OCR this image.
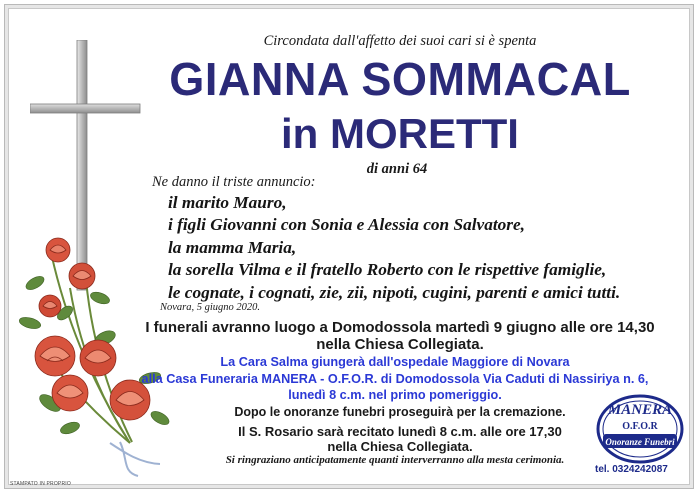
Circondata dall'affetto dei suoi cari si è spenta
GIANNA SOMMACAL
in MORETTI
di anni 64
Ne danno il triste annuncio:
il marito Mauro,
i figli Giovanni con Sonia e Alessia con Salvatore,
la mamma Maria,
la sorella Vilma e il fratello Roberto con le rispettive famiglie,
le cognate, i cognati, zie, zii, nipoti, cugini, parenti e amici tutti.
Novara, 5 giugno 2020.
I funerali avranno luogo a Domodossola martedì 9 giugno alle ore 14,30
nella Chiesa Collegiata.
La Cara Salma giungerà dall'ospedale Maggiore di Novara
alla Casa Funeraria MANERA - O.F.O.R. di Domodossola Via Caduti di Nassiriya n. 6,
lunedì 8 c.m. nel primo pomeriggio.
Dopo le onoranze funebri proseguirà per la cremazione.
Il S. Rosario sarà recitato lunedì 8 c.m. alle ore 17,30
nella Chiesa Collegiata.
Si ringraziano anticipatamente quanti interverranno alla mesta cerimonia.
STAMPATO IN PROPRIO
MANERA
O.F.O.R
Onoranze Funebri
tel. 0324242087
